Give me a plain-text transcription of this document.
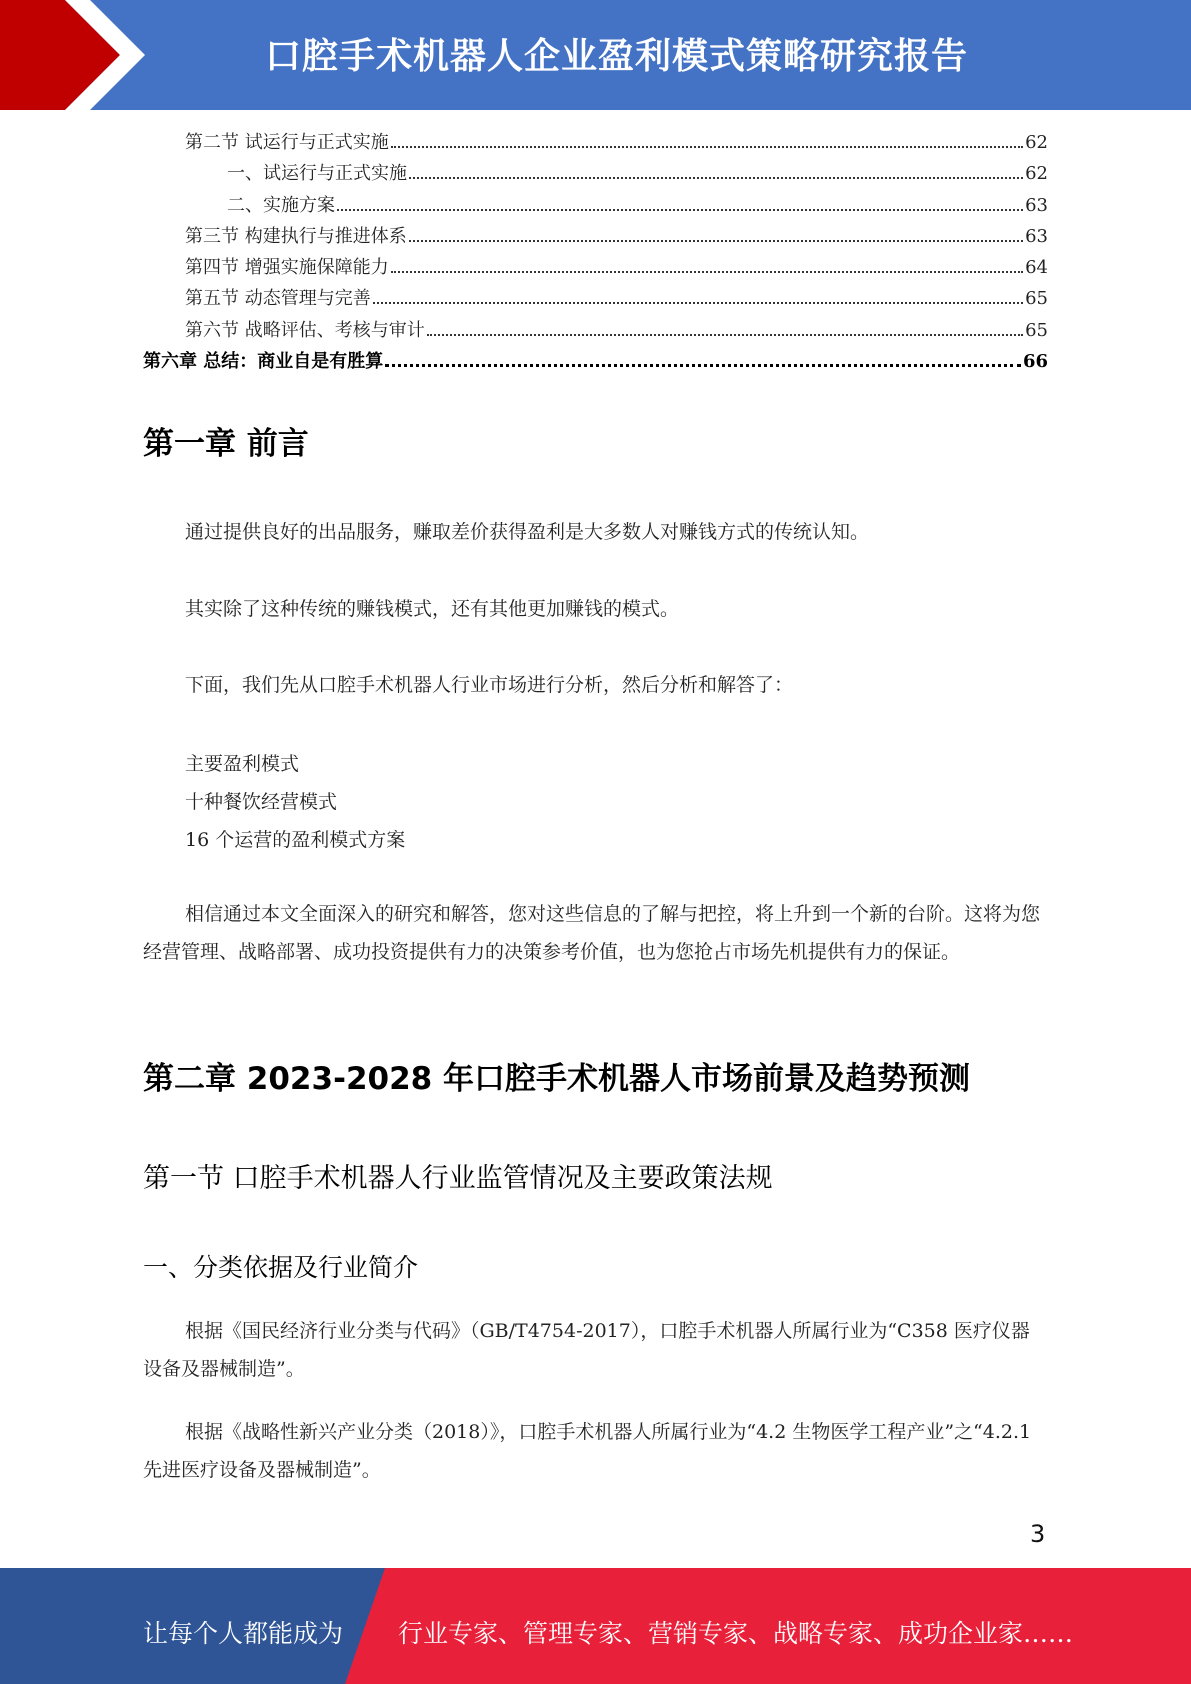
口腔手术机器人企业盈利模式策略研究报告
第二节 试运行与正式实施	62
一、试运行与正式实施	62
二、实施方案	63
第三节 构建执行与推进体系	63
第四节 增强实施保障能力	64
第五节 动态管理与完善	65
第六节 战略评估、考核与审计	65
第六章 总结：商业自是有胜算	66
第一章 前言

通过提供良好的出品服务，赚取差价获得盈利是大多数人对赚钱方式的传统认知。

其实除了这种传统的赚钱模式，还有其他更加赚钱的模式。

下面，我们先从口腔手术机器人行业市场进行分析，然后分析和解答了：

主要盈利模式
十种餐饮经营模式
16 个运营的盈利模式方案

相信通过本文全面深入的研究和解答，您对这些信息的了解与把控，将上升到一个新的台阶。这将为您经营管理、战略部署、成功投资提供有力的决策参考价值，也为您抢占市场先机提供有力的保证。

第二章 2023-2028 年口腔手术机器人市场前景及趋势预测
第一节 口腔手术机器人行业监管情况及主要政策法规
一、分类依据及行业简介

根据《国民经济行业分类与代码》（GB/T4754-2017），口腔手术机器人所属行业为“C358 医疗仪器设备及器械制造”。

根据《战略性新兴产业分类（2018）》，口腔手术机器人所属行业为“4.2 生物医学工程产业”之“4.2.1 先进医疗设备及器械制造”。

3
让每个人都能成为 行业专家、管理专家、营销专家、战略专家、成功企业家……
